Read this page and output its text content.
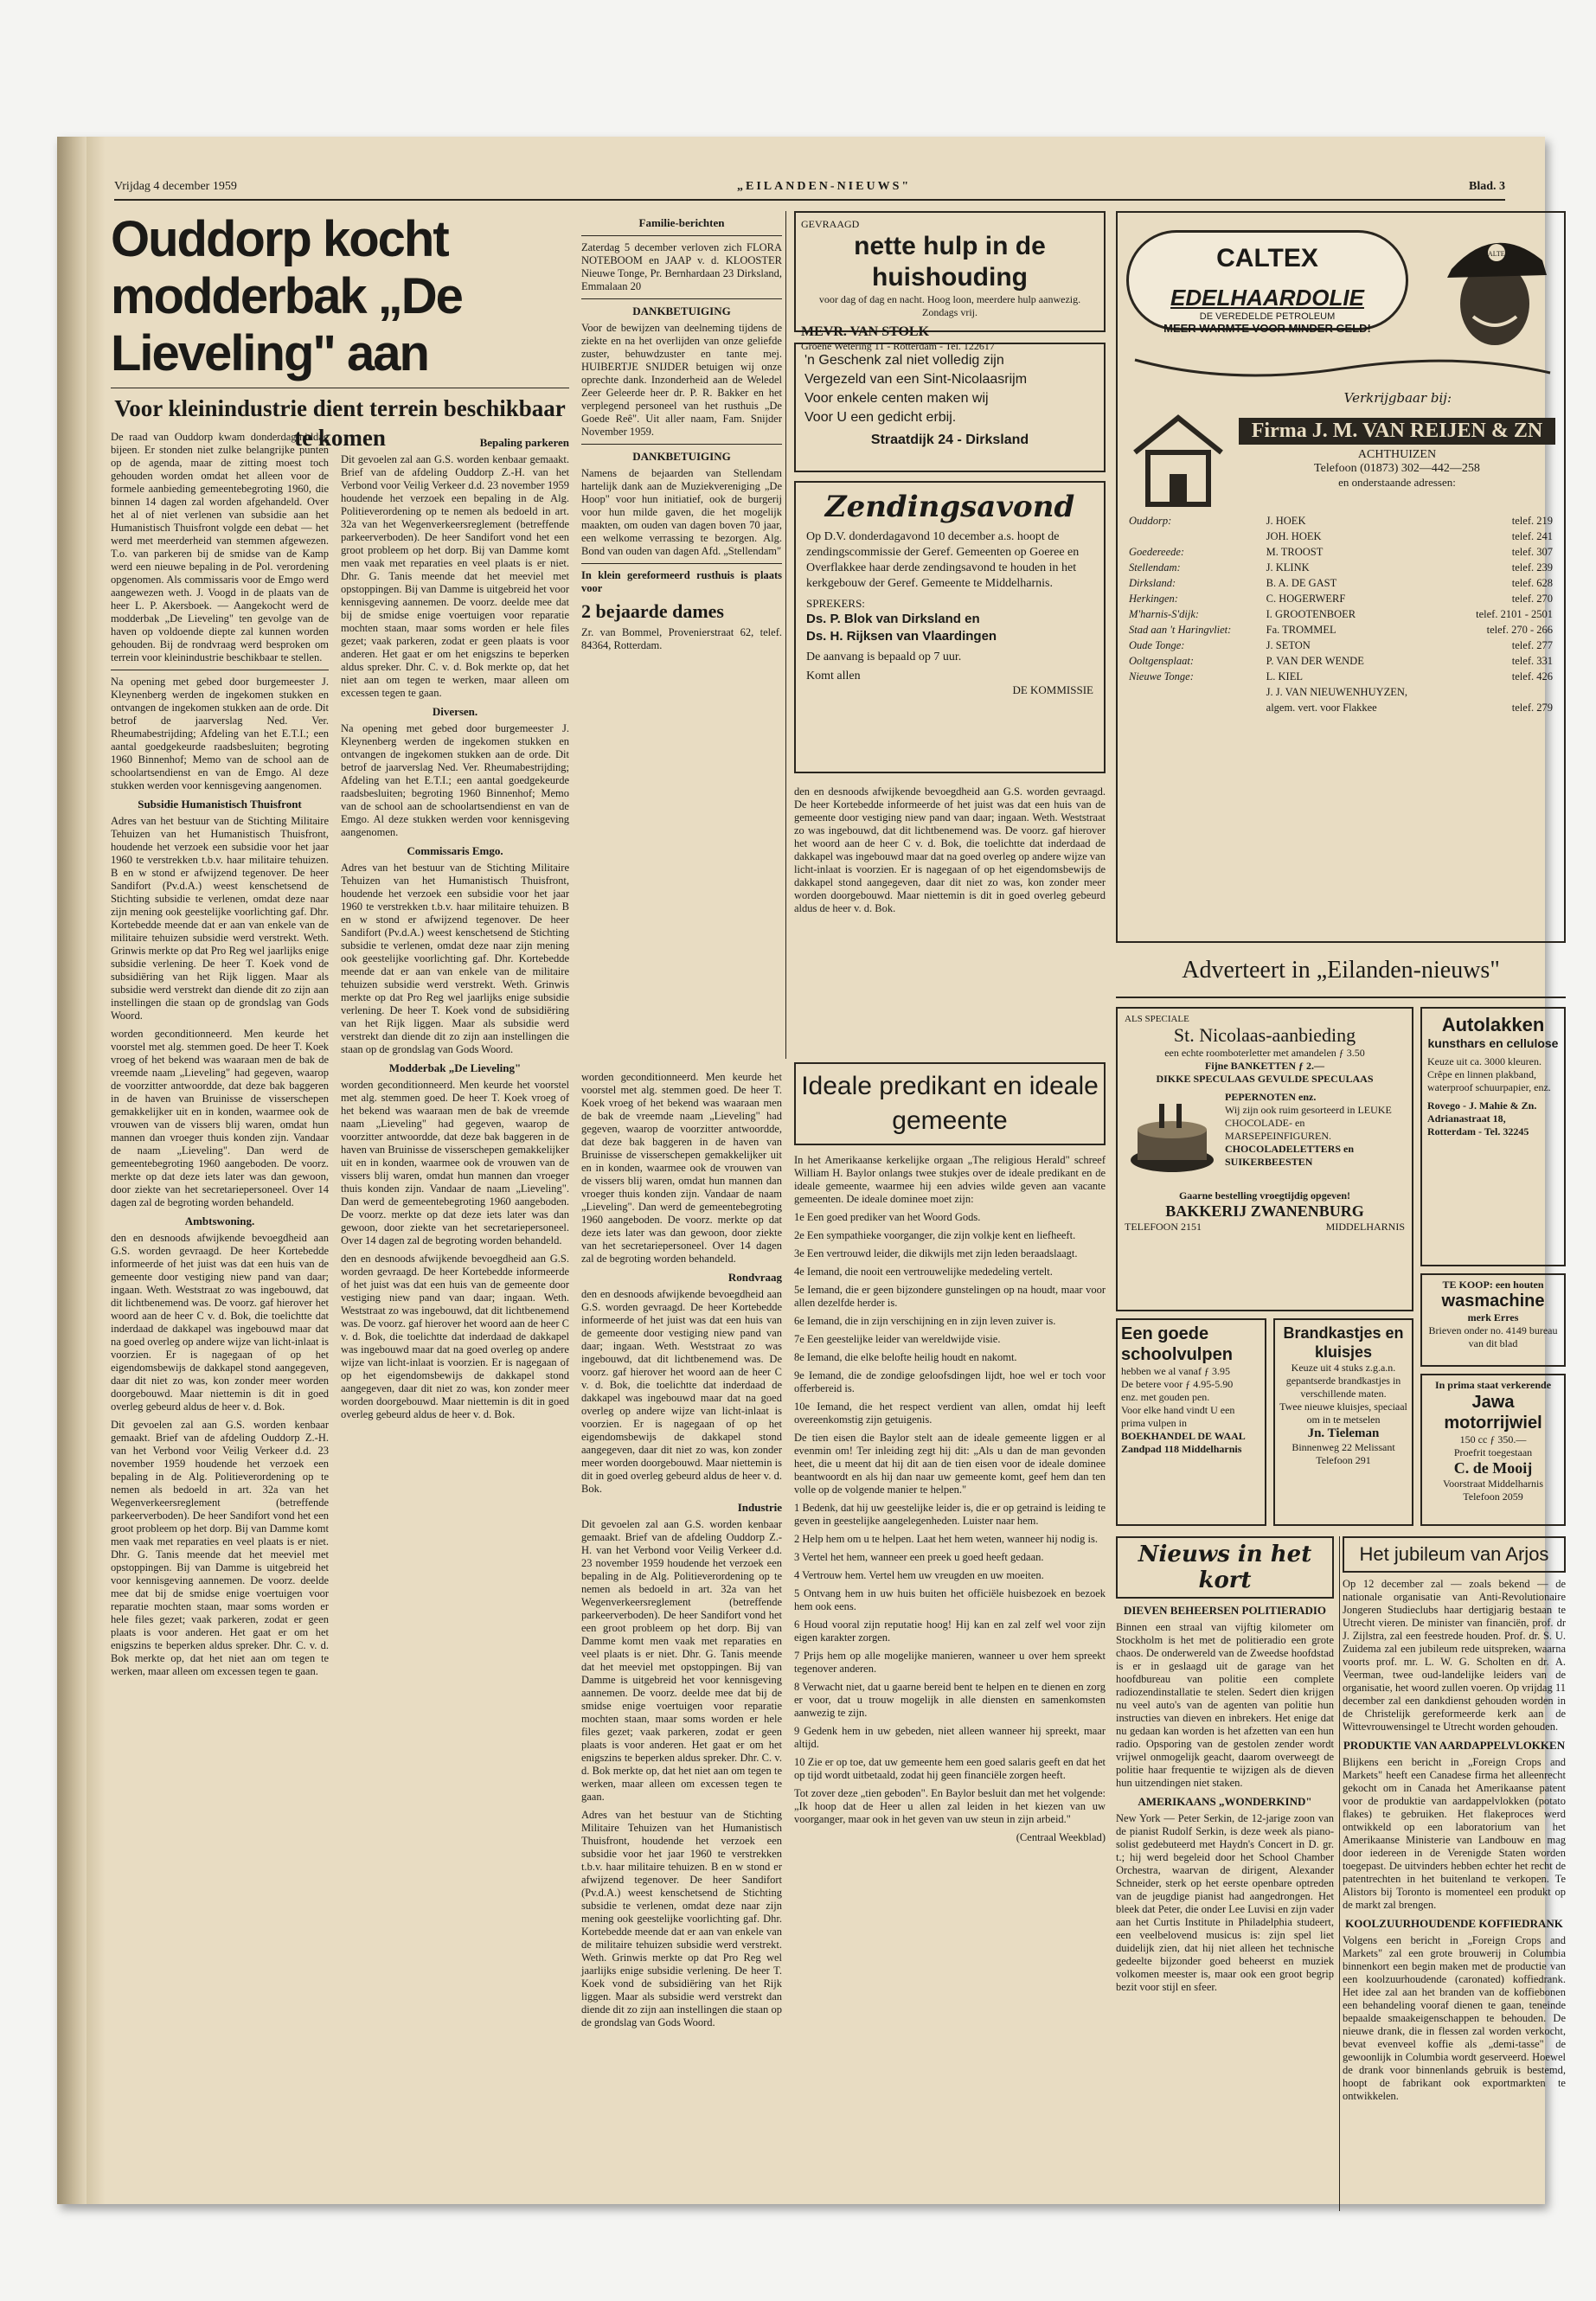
Vrijdag 4 december 1959	„EILANDEN-NIEUWS"	Blad. 3
Ouddorp kocht modderbak „De Lieveling" aan
Voor kleinindustrie dient terrein beschikbaar te komen

De raad van Ouddorp kwam donderdagmiddag bijeen. Er stonden niet zulke belangrijke punten op de agenda, maar de zitting moest toch gehouden worden omdat het alleen voor de formele aanbieding gemeentebegroting 1960, die binnen 14 dagen zal worden afgehandeld. Over het al of niet verlenen van subsidie aan het Humanistisch Thuisfront volgde een debat — het werd met meerderheid van stemmen afgewezen. T.o. van parkeren bij de smidse van de Kamp werd een nieuwe bepaling in de Pol. verordening opgenomen. Als commissaris voor de Emgo werd aangewezen weth. J. Voogd in de plaats van de heer L. P. Akersboek. — Aangekocht werd de modderbak „De Lieveling" ten gevolge van de haven op voldoende diepte zal kunnen worden gehouden. Bij de rondvraag werd besproken om terrein voor kleinindustrie beschikbaar te stellen.

Na opening met gebed door burgemeester J. Kleynenberg werden de ingekomen stukken en ontvangen de ingekomen stukken aan de orde. Dit betrof de jaarverslag Ned. Ver. Rheumabestrijding; Afdeling van het E.T.I.; een aantal goedgekeurde raadsbesluiten; begroting 1960 Binnenhof; Memo van de school aan de schoolartsendienst en van de Emgo. Al deze stukken werden voor kennisgeving aangenomen.

Subsidie Humanistisch Thuisfront

Adres van het bestuur van de Stichting Militaire Tehuizen van het Humanistisch Thuisfront, houdende het verzoek een subsidie voor het jaar 1960 te verstrekken t.b.v. haar militaire tehuizen. B en w stond er afwijzend tegenover. De heer Sandifort (Pv.d.A.) weest kenschetsend de Stichting subsidie te verlenen, omdat deze naar zijn mening ook geestelijke voorlichting gaf. Dhr. Kortebedde meende dat er aan van enkele van de militaire tehuizen subsidie werd verstrekt. Weth. Grinwis merkte op dat Pro Reg wel jaarlijks enige subsidie verlening. De heer T. Koek vond de subsidiëring van het Rijk liggen. Maar als subsidie werd verstrekt dan diende dit zo zijn aan instellingen die staan op de grondslag van Gods Woord.

worden geconditionneerd. Men keurde het voorstel met alg. stemmen goed. De heer T. Koek vroeg of het bekend was waaraan men de bak de vreemde naam „Lieveling" had gegeven, waarop de voorzitter antwoordde, dat deze bak baggeren in de haven van Bruinisse de visserschepen gemakkelijker uit en in konden, waarmee ook de vrouwen van de vissers blij waren, omdat hun mannen dan vroeger thuis konden zijn. Vandaar de naam „Lieveling". Dan werd de gemeentebegroting 1960 aangeboden. De voorz. merkte op dat deze iets later was dan gewoon, door ziekte van het secretariepersoneel. Over 14 dagen zal de begroting worden behandeld.

Ambtswoning.

den en desnoods afwijkende bevoegdheid aan G.S. worden gevraagd. De heer Kortebedde informeerde of het juist was dat een huis van de gemeente door vestiging niew pand van daar; ingaan. Weth. Weststraat zo was ingebouwd, dat dit lichtbenemend was. De voorz. gaf hierover het woord aan de heer C v. d. Bok, die toelichtte dat inderdaad de dakkapel was ingebouwd maar dat na goed overleg op andere wijze van licht-inlaat is voorzien. Er is nagegaan of op het eigendomsbewijs de dakkapel stond aangegeven, daar dit niet zo was, kon zonder meer worden doorgebouwd. Maar niettemin is dit in goed overleg gebeurd aldus de heer v. d. Bok.

Dit gevoelen zal aan G.S. worden kenbaar gemaakt. Brief van de afdeling Ouddorp Z.-H. van het Verbond voor Veilig Verkeer d.d. 23 november 1959 houdende het verzoek een bepaling in de Alg. Politieverordening op te nemen als bedoeld in art. 32a van het Wegenverkeersreglement (betreffende parkeerverboden). De heer Sandifort vond het een groot probleem op het dorp. Bij van Damme komt men vaak met reparaties en veel plaats is er niet. Dhr. G. Tanis meende dat het meeviel met opstoppingen. Bij van Damme is uitgebreid het voor kennisgeving aannemen. De voorz. deelde mee dat bij de smidse enige voertuigen voor reparatie mochten staan, maar soms worden er hele files gezet; vaak parkeren, zodat er geen plaats is voor anderen. Het gaat er om het enigszins te beperken aldus spreker. Dhr. C. v. d. Bok merkte op, dat het niet aan om tegen te werken, maar alleen om excessen tegen te gaan.

Bepaling parkeren

Dit gevoelen zal aan G.S. worden kenbaar gemaakt. Brief van de afdeling Ouddorp Z.-H. van het Verbond voor Veilig Verkeer d.d. 23 november 1959 houdende het verzoek een bepaling in de Alg. Politieverordening op te nemen als bedoeld in art. 32a van het Wegenverkeersreglement (betreffende parkeerverboden). De heer Sandifort vond het een groot probleem op het dorp. Bij van Damme komt men vaak met reparaties en veel plaats is er niet. Dhr. G. Tanis meende dat het meeviel met opstoppingen. Bij van Damme is uitgebreid het voor kennisgeving aannemen. De voorz. deelde mee dat bij de smidse enige voertuigen voor reparatie mochten staan, maar soms worden er hele files gezet; vaak parkeren, zodat er geen plaats is voor anderen. Het gaat er om het enigszins te beperken aldus spreker. Dhr. C. v. d. Bok merkte op, dat het niet aan om tegen te werken, maar alleen om excessen tegen te gaan.

Diversen.

Na opening met gebed door burgemeester J. Kleynenberg werden de ingekomen stukken en ontvangen de ingekomen stukken aan de orde. Dit betrof de jaarverslag Ned. Ver. Rheumabestrijding; Afdeling van het E.T.I.; een aantal goedgekeurde raadsbesluiten; begroting 1960 Binnenhof; Memo van de school aan de schoolartsendienst en van de Emgo. Al deze stukken werden voor kennisgeving aangenomen.

Commissaris Emgo.

Adres van het bestuur van de Stichting Militaire Tehuizen van het Humanistisch Thuisfront, houdende het verzoek een subsidie voor het jaar 1960 te verstrekken t.b.v. haar militaire tehuizen. B en w stond er afwijzend tegenover. De heer Sandifort (Pv.d.A.) weest kenschetsend de Stichting subsidie te verlenen, omdat deze naar zijn mening ook geestelijke voorlichting gaf. Dhr. Kortebedde meende dat er aan van enkele van de militaire tehuizen subsidie werd verstrekt. Weth. Grinwis merkte op dat Pro Reg wel jaarlijks enige subsidie verlening. De heer T. Koek vond de subsidiëring van het Rijk liggen. Maar als subsidie werd verstrekt dan diende dit zo zijn aan instellingen die staan op de grondslag van Gods Woord.

Modderbak „De Lieveling"

worden geconditionneerd. Men keurde het voorstel met alg. stemmen goed. De heer T. Koek vroeg of het bekend was waaraan men de bak de vreemde naam „Lieveling" had gegeven, waarop de voorzitter antwoordde, dat deze bak baggeren in de haven van Bruinisse de visserschepen gemakkelijker uit en in konden, waarmee ook de vrouwen van de vissers blij waren, omdat hun mannen dan vroeger thuis konden zijn. Vandaar de naam „Lieveling". Dan werd de gemeentebegroting 1960 aangeboden. De voorz. merkte op dat deze iets later was dan gewoon, door ziekte van het secretariepersoneel. Over 14 dagen zal de begroting worden behandeld.

den en desnoods afwijkende bevoegdheid aan G.S. worden gevraagd. De heer Kortebedde informeerde of het juist was dat een huis van de gemeente door vestiging niew pand van daar; ingaan. Weth. Weststraat zo was ingebouwd, dat dit lichtbenemend was. De voorz. gaf hierover het woord aan de heer C v. d. Bok, die toelichtte dat inderdaad de dakkapel was ingebouwd maar dat na goed overleg op andere wijze van licht-inlaat is voorzien. Er is nagegaan of op het eigendomsbewijs de dakkapel stond aangegeven, daar dit niet zo was, kon zonder meer worden doorgebouwd. Maar niettemin is dit in goed overleg gebeurd aldus de heer v. d. Bok.

Familie-berichten

Zaterdag 5 december verloven zich FLORA NOTEBOOM en JAAP v. d. KLOOSTER Nieuwe Tonge, Pr. Bernhardaan 23 Dirksland, Emmalaan 20

DANKBETUIGING

Voor de bewijzen van deelneming tijdens de ziekte en na het overlijden van onze geliefde zuster, behuwdzuster en tante mej. HUIBERTJE SNIJDER betuigen wij onze oprechte dank. Inzonderheid aan de Weledel Zeer Geleerde heer dr. P. R. Bakker en het verplegend personeel van het rusthuis „De Goede Reê". Uit aller naam, Fam. Snijder November 1959.

DANKBETUIGING

Namens de bejaarden van Stellendam hartelijk dank aan de Muziekvereniging „De Hoop" voor hun initiatief, ook de burgerij voor hun milde gaven, die het mogelijk maakten, om ouden van dagen boven 70 jaar, een welkome verrassing te bezorgen. Alg. Bond van ouden van dagen Afd. „Stellendam"

In klein gereformeerd rusthuis is plaats voor

2 bejaarde dames

Zr. van Bommel, Provenierstraat 62, telef. 84364, Rotterdam.

GEVRAAGD
nette hulp in de huishouding
voor dag of dag en nacht. Hoog loon, meerdere hulp aanwezig. Zondags vrij.
MEVR. VAN STOLK
Groene Wetering 11 - Rotterdam - Tel. 122617
'n Geschenk zal niet volledig zijn
Vergezeld van een Sint-Nicolaasrijm
Voor enkele centen maken wij
Voor U een gedicht erbij.
Straatdijk 24 - Dirksland
Zendingsavond

Op D.V. donderdagavond 10 december a.s. hoopt de zendingscommissie der Geref. Gemeenten op Goeree en Overflakkee haar derde zendingsavond te houden in het kerkgebouw der Geref. Gemeente te Middelharnis.

SPREKERS:
Ds. P. Blok van Dirksland en
Ds. H. Rijksen van Vlaardingen
De aanvang is bepaald op 7 uur.
Komt allen
DE KOMMISSIE
CALTEX EDELHAARDOLIE
DE VEREDELDE PETROLEUM
MEER WARMTE VOOR MINDER GELD!
CALTEX
Verkrijgbaar bij:
Firma J. M. VAN REIJEN & ZN
ACHTHUIZEN
Telefoon (01873) 302—442—258
en onderstaande adressen:
Ouddorp:	J. HOEK	telef. 219
	JOH. HOEK	telef. 241
Goedereede:	M. TROOST	telef. 307
Stellendam:	J. KLINK	telef. 239
Dirksland:	B. A. DE GAST	telef. 628
Herkingen:	C. HOGERWERF	telef. 270
M'harnis-S'dijk:	I. GROOTENBOER	telef. 2101 - 2501
Stad aan 't Haringvliet:	Fa. TROMMEL	telef. 270 - 266
Oude Tonge:	J. SETON	telef. 277
Ooltgensplaat:	P. VAN DER WENDE	telef. 331
Nieuwe Tonge:	L. KIEL	telef. 426
	J. J. VAN NIEUWENHUYZEN,	
	algem. vert. voor Flakkee	telef. 279
Adverteert in „Eilanden-nieuws"
Ideale predikant en ideale gemeente

In het Amerikaanse kerkelijke orgaan „The religious Herald" schreef William H. Baylor onlangs twee stukjes over de ideale predikant en de ideale gemeente, waarmee hij een advies wilde geven aan vacante gemeenten. De ideale dominee moet zijn:

1e Een goed prediker van het Woord Gods.

2e Een sympathieke voorganger, die zijn volkje kent en liefheeft.

3e Een vertrouwd leider, die dikwijls met zijn leden beraadslaagt.

4e Iemand, die nooit een vertrouwelijke mededeling vertelt.

5e Iemand, die er geen bijzondere gunstelingen op na houdt, maar voor allen dezelfde herder is.

6e Iemand, die in zijn verschijning en in zijn leven zuiver is.

7e Een geestelijke leider van wereldwijde visie.

8e Iemand, die elke belofte heilig houdt en nakomt.

9e Iemand, die de zondige geloofsdingen lijdt, hoe wel er toch voor offerbereid is.

10e Iemand, die het respect verdient van allen, omdat hij leeft overeenkomstig zijn getuigenis.

De tien eisen die Baylor stelt aan de ideale gemeente liggen er al evenmin om! Ter inleiding zegt hij dit: „Als u dan de man gevonden heet, die u meent dat hij dit aan de tien eisen voor de ideale dominee beantwoordt en als hij dan naar uw gemeente komt, geef hem dan ten volle op de volgende manier te helpen."

1 Bedenk, dat hij uw geestelijke leider is, die er op getraind is leiding te geven in geestelijke aangelegenheden. Luister naar hem.

2 Help hem om u te helpen. Laat het hem weten, wanneer hij nodig is.

3 Vertel het hem, wanneer een preek u goed heeft gedaan.

4 Vertrouw hem. Vertel hem uw vreugden en uw moeiten.

5 Ontvang hem in uw huis buiten het officiële huisbezoek en bezoek hem ook eens.

6 Houd vooral zijn reputatie hoog! Hij kan en zal zelf wel voor zijn eigen karakter zorgen.

7 Prijs hem op alle mogelijke manieren, wanneer u over hem spreekt tegenover anderen.

8 Verwacht niet, dat u gaarne bereid bent te helpen en te dienen en zorg er voor, dat u trouw mogelijk in alle diensten en samenkomsten aanwezig te zijn.

9 Gedenk hem in uw gebeden, niet alleen wanneer hij spreekt, maar altijd.

10 Zie er op toe, dat uw gemeente hem een goed salaris geeft en dat het op tijd wordt uitbetaald, zodat hij geen financiële zorgen heeft.

Tot zover deze „tien geboden". En Baylor besluit dan met het volgende: „Ik hoop dat de Heer u allen zal leiden in het kiezen van uw voorganger, maar ook in het geven van uw steun in zijn arbeid."

(Centraal Weekblad)

worden geconditionneerd. Men keurde het voorstel met alg. stemmen goed. De heer T. Koek vroeg of het bekend was waaraan men de bak de vreemde naam „Lieveling" had gegeven, waarop de voorzitter antwoordde, dat deze bak baggeren in de haven van Bruinisse de visserschepen gemakkelijker uit en in konden, waarmee ook de vrouwen van de vissers blij waren, omdat hun mannen dan vroeger thuis konden zijn. Vandaar de naam „Lieveling". Dan werd de gemeentebegroting 1960 aangeboden. De voorz. merkte op dat deze iets later was dan gewoon, door ziekte van het secretariepersoneel. Over 14 dagen zal de begroting worden behandeld.

Rondvraag

den en desnoods afwijkende bevoegdheid aan G.S. worden gevraagd. De heer Kortebedde informeerde of het juist was dat een huis van de gemeente door vestiging niew pand van daar; ingaan. Weth. Weststraat zo was ingebouwd, dat dit lichtbenemend was. De voorz. gaf hierover het woord aan de heer C v. d. Bok, die toelichtte dat inderdaad de dakkapel was ingebouwd maar dat na goed overleg op andere wijze van licht-inlaat is voorzien. Er is nagegaan of op het eigendomsbewijs de dakkapel stond aangegeven, daar dit niet zo was, kon zonder meer worden doorgebouwd. Maar niettemin is dit in goed overleg gebeurd aldus de heer v. d. Bok.

Industrie

Dit gevoelen zal aan G.S. worden kenbaar gemaakt. Brief van de afdeling Ouddorp Z.-H. van het Verbond voor Veilig Verkeer d.d. 23 november 1959 houdende het verzoek een bepaling in de Alg. Politieverordening op te nemen als bedoeld in art. 32a van het Wegenverkeersreglement (betreffende parkeerverboden). De heer Sandifort vond het een groot probleem op het dorp. Bij van Damme komt men vaak met reparaties en veel plaats is er niet. Dhr. G. Tanis meende dat het meeviel met opstoppingen. Bij van Damme is uitgebreid het voor kennisgeving aannemen. De voorz. deelde mee dat bij de smidse enige voertuigen voor reparatie mochten staan, maar soms worden er hele files gezet; vaak parkeren, zodat er geen plaats is voor anderen. Het gaat er om het enigszins te beperken aldus spreker. Dhr. C. v. d. Bok merkte op, dat het niet aan om tegen te werken, maar alleen om excessen tegen te gaan.

Adres van het bestuur van de Stichting Militaire Tehuizen van het Humanistisch Thuisfront, houdende het verzoek een subsidie voor het jaar 1960 te verstrekken t.b.v. haar militaire tehuizen. B en w stond er afwijzend tegenover. De heer Sandifort (Pv.d.A.) weest kenschetsend de Stichting subsidie te verlenen, omdat deze naar zijn mening ook geestelijke voorlichting gaf. Dhr. Kortebedde meende dat er aan van enkele van de militaire tehuizen subsidie werd verstrekt. Weth. Grinwis merkte op dat Pro Reg wel jaarlijks enige subsidie verlening. De heer T. Koek vond de subsidiëring van het Rijk liggen. Maar als subsidie werd verstrekt dan diende dit zo zijn aan instellingen die staan op de grondslag van Gods Woord.

den en desnoods afwijkende bevoegdheid aan G.S. worden gevraagd. De heer Kortebedde informeerde of het juist was dat een huis van de gemeente door vestiging niew pand van daar; ingaan. Weth. Weststraat zo was ingebouwd, dat dit lichtbenemend was. De voorz. gaf hierover het woord aan de heer C v. d. Bok, die toelichtte dat inderdaad de dakkapel was ingebouwd maar dat na goed overleg op andere wijze van licht-inlaat is voorzien. Er is nagegaan of op het eigendomsbewijs de dakkapel stond aangegeven, daar dit niet zo was, kon zonder meer worden doorgebouwd. Maar niettemin is dit in goed overleg gebeurd aldus de heer v. d. Bok.

ALS SPECIALE
St. Nicolaas-aanbieding
een echte roomboterletter met amandelen ƒ 3.50
Fijne BANKETTEN ƒ 2.—
DIKKE SPECULAAS GEVULDE SPECULAAS
PEPERNOTEN enz.
Wij zijn ook ruim gesorteerd in LEUKE CHOCOLADE- en MARSEPEINFIGUREN.
CHOCOLADELETTERS en SUIKERBEESTEN
Gaarne bestelling vroegtijdig opgeven!
BAKKERIJ ZWANENBURG
TELEFOON 2151	MIDDELHARNIS
Autolakken
kunsthars en cellulose

Keuze uit ca. 3000 kleuren. Crêpe en linnen plakband, waterproof schuurpapier, enz.

Rovego - J. Mahie & Zn.
Adrianastraat 18,
Rotterdam - Tel. 32245
TE KOOP: een houten
wasmachine
merk Erres
Brieven onder no. 4149 bureau van dit blad
In prima staat verkerende
Jawa motorrijwiel
150 cc ƒ 350.—
Proefrit toegestaan
C. de Mooij
Voorstraat Middelharnis
Telefoon 2059
Een goede schoolvulpen
hebben we al vanaf ƒ 3.95
De betere voor ƒ 4.95-5.90
enz. met gouden pen.
Voor elke hand vindt U een prima vulpen in
BOEKHANDEL DE WAAL
Zandpad 118 Middelharnis
Brandkastjes en kluisjes
Keuze uit 4 stuks z.g.a.n. gepantserde brandkastjes in verschillende maten.
Twee nieuwe kluisjes, speciaal om in te metselen
Jn. Tieleman
Binnenweg 22 Melissant
Telefoon 291
Nieuws in het kort
DIEVEN BEHEERSEN POLITIERADIO

Binnen een straal van vijftig kilometer om Stockholm is het met de politieradio een grote chaos. De onderwereld van de Zweedse hoofdstad is er in geslaagd uit de garage van het hoofdbureau van politie een complete radiozendinstallatie te stelen. Sedert dien krijgen nu veel auto's van de agenten van politie hun instructies van dieven en inbrekers. Het enige dat nu gedaan kan worden is het afzetten van een hun radio. Opsporing van de gestolen zender wordt vrijwel onmogelijk geacht, daarom overweegt de politie haar frequentie te wijzigen als de dieven hun uitzendingen niet staken.

AMERIKAANS „WONDERKIND"

New York — Peter Serkin, de 12-jarige zoon van de pianist Rudolf Serkin, is deze week als piano-solist gedebuteerd met Haydn's Concert in D. gr. t.; hij werd begeleid door het School Chamber Orchestra, waarvan de dirigent, Alexander Schneider, sterk op het eerste openbare optreden van de jeugdige pianist had aangedrongen. Het bleek dat Peter, die onder Lee Luvisi en zijn vader aan het Curtis Institute in Philadelphia studeert, een veelbelovend musicus is: zijn spel liet duidelijk zien, dat hij niet alleen het technische gedeelte bijzonder goed beheerst en muziek volkomen meester is, maar ook een groot begrip bezit voor stijl en sfeer.

Het jubileum van Arjos

Op 12 december zal — zoals bekend — de nationale organisatie van Anti-Revolutionaire Jongeren Studieclubs haar dertigjarig bestaan te Utrecht vieren. De minister van financiën, prof. dr J. Zijlstra, zal een feestrede houden. Prof. dr. S. U. Zuidema zal een jubileum rede uitspreken, waarna voorts prof. mr. L. W. G. Scholten en dr. A. Veerman, twee oud-landelijke leiders van de organisatie, het woord zullen voeren. Op vrijdag 11 december zal een dankdienst gehouden worden in de Christelijk gereformeerde kerk aan de Wittevrouwensingel te Utrecht worden gehouden.

PRODUKTIE VAN AARDAPPELVLOKKEN

Blijkens een bericht in „Foreign Crops and Markets" heeft een Canadese firma het alleenrecht gekocht om in Canada het Amerikaanse patent voor de produktie van aardappelvlokken (potato flakes) te gebruiken. Het flakeproces werd ontwikkeld op een laboratorium van het Amerikaanse Ministerie van Landbouw en mag door iedereen in de Verenigde Staten worden toegepast. De uitvinders hebben echter het recht de patentrechten in het buitenland te verkopen. Te Alistors bij Toronto is momenteel een produkt op de markt zal brengen.

KOOLZUURHOUDENDE KOFFIEDRANK

Volgens een bericht in „Foreign Crops and Markets" zal een grote brouwerij in Columbia binnenkort een begin maken met de productie van een koolzuurhoudende (caronated) koffiedrank. Het idee zal aan het branden van de koffiebonen een behandeling vooraf dienen te gaan, teneinde bepaalde smaakeigenschappen te behouden. De nieuwe drank, die in flessen zal worden verkocht, bevat evenveel koffie als „demi-tasse" de gewoonlijk in Columbia wordt geserveerd. Hoewel de drank voor binnenlands gebruik is bestemd, hoopt de fabrikant ook exportmarkten te ontwikkelen.
